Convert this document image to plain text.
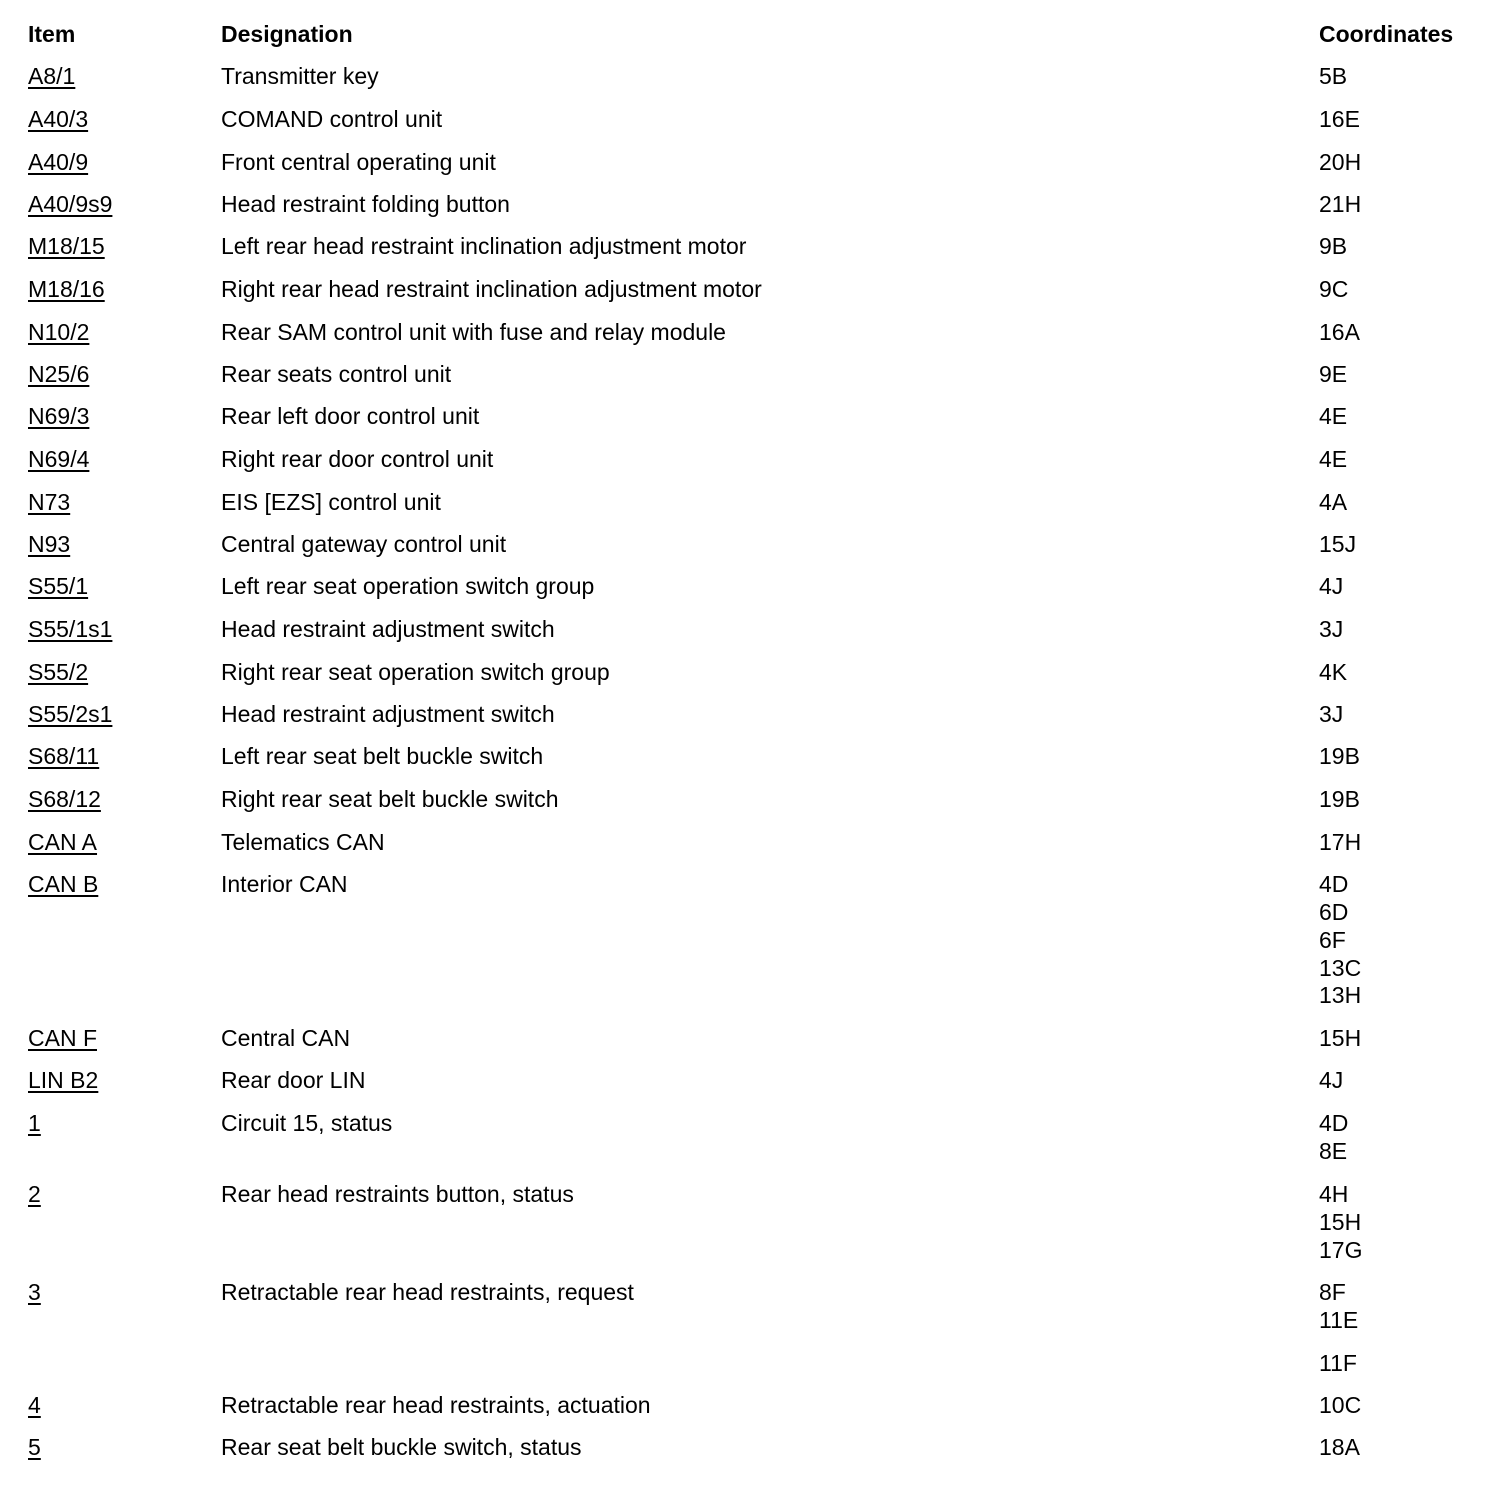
Item	Designation	Coordinates
A8/1	Transmitter key	5B
A40/3	COMAND control unit	16E
A40/9	Front central operating unit	20H
A40/9s9	Head restraint folding button	21H
M18/15	Left rear head restraint inclination adjustment motor	9B
M18/16	Right rear head restraint inclination adjustment motor	9C
N10/2	Rear SAM control unit with fuse and relay module	16A
N25/6	Rear seats control unit	9E
N69/3	Rear left door control unit	4E
N69/4	Right rear door control unit	4E
N73	EIS [EZS] control unit	4A
N93	Central gateway control unit	15J
S55/1	Left rear seat operation switch group	4J
S55/1s1	Head restraint adjustment switch	3J
S55/2	Right rear seat operation switch group	4K
S55/2s1	Head restraint adjustment switch	3J
S68/11	Left rear seat belt buckle switch	19B
S68/12	Right rear seat belt buckle switch	19B
CAN A	Telematics CAN	17H
CAN B	Interior CAN	4D
6D
6F
13C
13H
CAN F	Central CAN	15H
LIN B2	Rear door LIN	4J
1	Circuit 15, status	4D
8E
2	Rear head restraints button, status	4H
15H
17G
3	Retractable rear head restraints, request	8F
11E
11F
4	Retractable rear head restraints, actuation	10C
5	Rear seat belt buckle switch, status	18A
